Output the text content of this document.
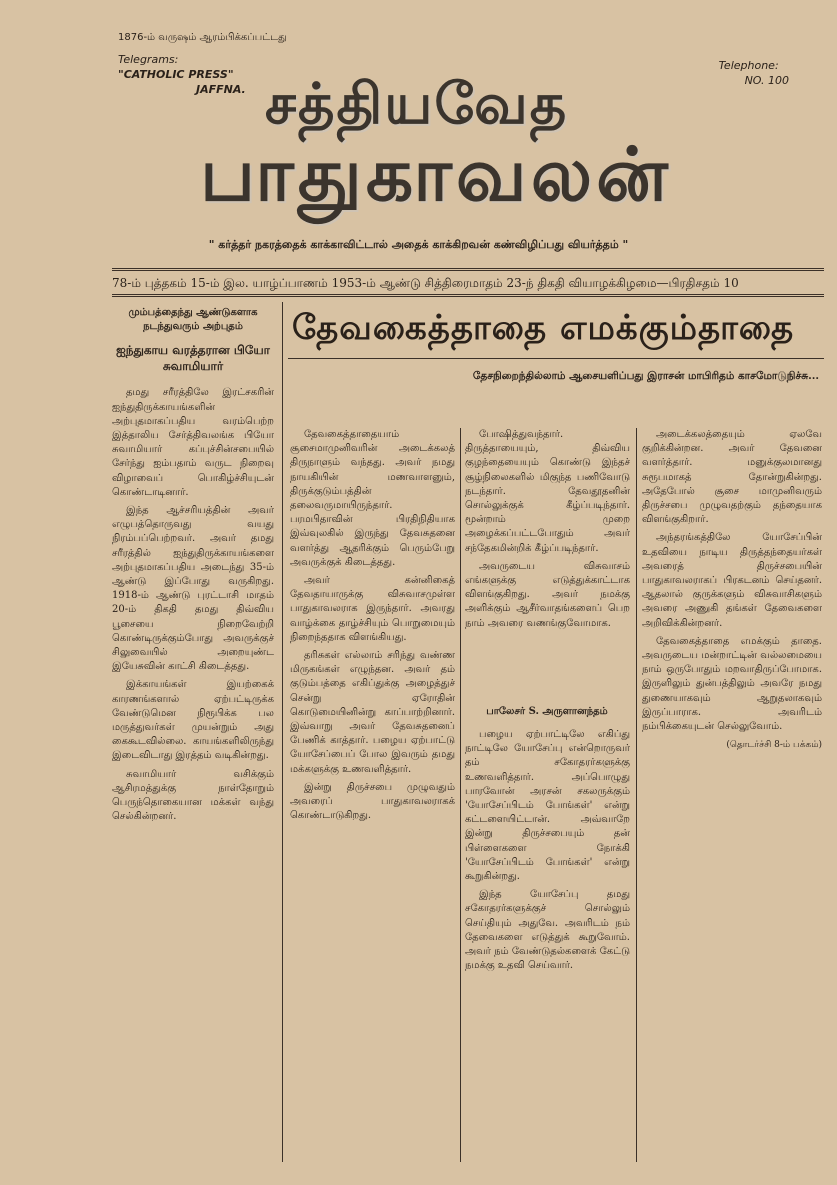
1876-ம் வருஷம் ஆரம்பிக்கப்பட்டது
Telegrams:
"CATHOLIC PRESS"
JAFFNA.
Telephone:
NO. 100
சத்தியவேத
பாதுகாவலன்
" கர்த்தர் நகரத்தைக் காக்காவிட்டால் அதைக் காக்கிறவன் கண்விழிப்பது வியர்த்தம் "
78-ம் புத்தகம் 15-ம் இல. யாழ்ப்பாணம் 1953-ம் ஆண்டு சித்திரைமாதம் 23-ந் திகதி வியாழக்கிழமை—பிரதிசதம் 10
மும்பத்தைந்து ஆண்டுகளாக நடந்துவரும் அற்புதம்
ஐந்துகாய வரத்தரான பியோ சுவாமியார்

தமது சரீரத்திலே இரட்சகரின் ஐந்துதிருக்காயங்களின் அற்புதமாகப்பதிய வரம்பெற்ற இத்தாலிய சேர்த்திவலங்க பியோ சுவாமியார் கப்புச்சின்சபையில் சேர்ந்து ஐம்பதாம் வருட நிறைவு விழாவைப் பொகிழ்ச்சியுடன் கொண்டாடினார்.

இந்த ஆச்சரியத்தின் அவர் எழுபத்தொருவது வயது நிரம்பப்பெற்றவர். அவர் தமது சரீரத்தில் ஐந்துதிருக்காயங்களை அற்புதமாகப்பதிய அடைந்து 35-ம் ஆண்டு இப்போது வருகிறது. 1918-ம் ஆண்டு புரட்டாசி மாதம் 20-ம் திகதி தமது திவ்விய பூசையை நிறைவேற்றி கொண்டிருக்கும்போது அவருக்குச் சிலுவையில் அறையுண்ட இயேசுவின் காட்சி கிடைத்தது.

இக்காயங்கள் இயற்கைக் காரணங்களால் ஏற்பட்டிருக்க வேண்டுமென நிரூபிக்க பல மருத்துவர்கள் முயன்றும் அது கைகூடவில்லை. காயங்களிலிருந்து இடைவிடாது இரத்தம் வடிகின்றது.

சுவாமியார் வசிக்கும் ஆசிரமத்துக்கு நாள்தோறும் பெருந்தொகையான மக்கள் வந்து செல்கின்றனர்.

தேவகைத்தாதை எமக்கும்தாதை
தேசநிறைந்தில்லாம் ஆசையளிப்பது இராசன் மாபிரிதம் காசமோடுநிச்சு...

தேவகைத்தாதையாம் சூசைமாமுனிவரின் அடைக்கலத் திருநாளும் வந்தது. அவர் நமது நாயகியின் மணவாளனும், திருக்குடும்பத்தின் தலைவருமாயிருந்தார். பரமபிதாவின் பிரதிநிதியாக இவ்வுலகில் இருந்து தேவசுதனை வளர்த்து ஆதரிக்கும் பெரும்பேறு அவருக்குக் கிடைத்தது.

அவர் கன்னிகைத் தேவதாயாருக்கு விசுவாசமுள்ள பாதுகாவலராக இருந்தார். அவரது வாழ்க்கை தாழ்ச்சியும் பொறுமையும் நிறைந்ததாக விளங்கியது.

தரிசுகள் எல்லாம் சரிந்து வண்ண மிருகங்கள் எழுந்தன. அவர் தம் குடும்பத்தை எகிப்துக்கு அழைத்துச் சென்று ஏரோதின் கொடுமையினின்று காப்பாற்றினார். இவ்வாறு அவர் தேவசுதனைப் பேணிக் காத்தார். பழைய ஏற்பாட்டு யோசேப்பைப் போல இவரும் தமது மக்களுக்கு உணவளித்தார்.

இன்று திருச்சபை முழுவதும் அவரைப் பாதுகாவலராகக் கொண்டாடுகிறது.

போஷித்துவந்தார். திருத்தாயையும், திவ்விய குழந்தையையும் கொண்டு இந்தச் சூழ்நிலைகளில் மிகுந்த பணிவோடு நடந்தார். தேவதூதனின் சொல்லுக்குக் கீழ்ப்படிந்தார். மூன்றாம் முறை அழைக்கப்பட்டபோதும் அவர் சந்தேகமின்றிக் கீழ்ப்படிந்தார்.

அவருடைய விசுவாசம் எங்களுக்கு எடுத்துக்காட்டாக விளங்குகிறது. அவர் நமக்கு அளிக்கும் ஆசீர்வாதங்களைப் பெற நாம் அவரை வணங்குவோமாக.

பாலேசர் S. அருளானந்தம்

பழைய ஏற்பாட்டிலே எகிப்து நாட்டிலே யோசேப்பு என்றொருவர் தம் சகோதரர்களுக்கு உணவளித்தார். அப்பொழுது பாரவோன் அரசன் சகலருக்கும் 'யோசேப்பிடம் போங்கள்' என்று கட்டளையிட்டான். அவ்வாறே இன்று திருச்சபையும் தன் பிள்ளைகளை நோக்கி 'யோசேப்பிடம் போங்கள்' என்று கூறுகின்றது.

இந்த யோசேப்பு தமது சகோதரர்களுக்குச் சொல்லும் செய்தியும் அதுவே. அவரிடம் நம் தேவைகளை எடுத்துக் கூறுவோம். அவர் நம் வேண்டுதல்களைக் கேட்டு நமக்கு உதவி செய்வார்.

அடைக்கலத்தையும் ஏலவே குறிக்கின்றன. அவர் தேவனை வளர்த்தார். மனுக்குலமானது சுரூபமாகத் தோன்றுகின்றது. அதேபோல் சூசை மாமுனிவரும் திருச்சபை முழுவதற்கும் தந்தையாக விளங்குகிறார்.

அந்தரங்கத்திலே யோசேப்பின் உதவியை நாடிய திருத்தந்தையர்கள் அவரைத் திருச்சபையின் பாதுகாவலராகப் பிரகடனம் செய்தனர். ஆதலால் குருக்களும் விசுவாசிகளும் அவரை அணுகி தங்கள் தேவைகளை அறிவிக்கின்றனர்.

தேவகைத்தாதை எமக்கும் தாதை. அவருடைய மன்றாட்டின் வல்லமையை நாம் ஒருபோதும் மறவாதிருப்போமாக. இருளிலும் துன்பத்திலும் அவரே நமது துணையாகவும் ஆறுதலாகவும் இருப்பாராக. அவரிடம் நம்பிக்கையுடன் செல்லுவோம்.

(தொடர்ச்சி 8-ம் பக்கம்)
